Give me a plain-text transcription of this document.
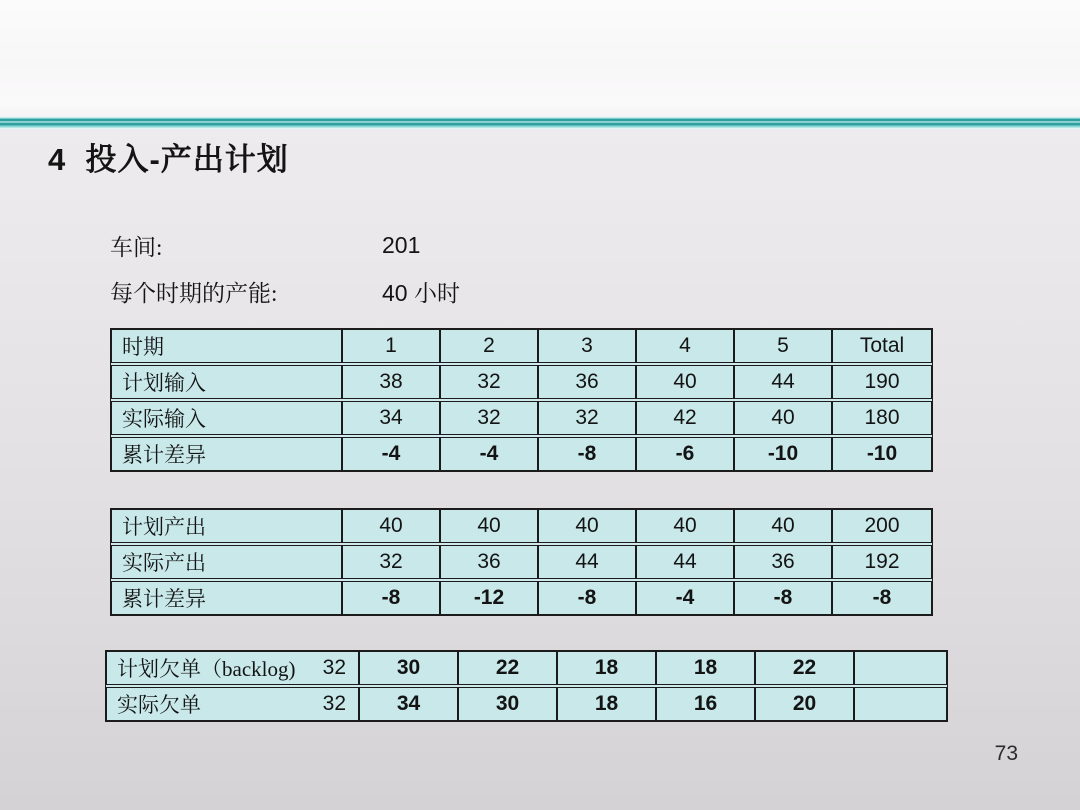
4  投入-产出计划
车间:	201
每个时期的产能:	40 小时
时期	1	2	3	4	5	Total
计划输入	38	32	36	40	44	190
实际输入	34	32	32	42	40	180
累计差异	-4	-4	-8	-6	-10	-10
计划产出	40	40	40	40	40	200
实际产出	32	36	44	44	36	192
累计差异	-8	-12	-8	-4	-8	-8
计划欠单（backlog) 32	30	22	18	18	22
实际欠单	32	34	30	18	16	20
73
